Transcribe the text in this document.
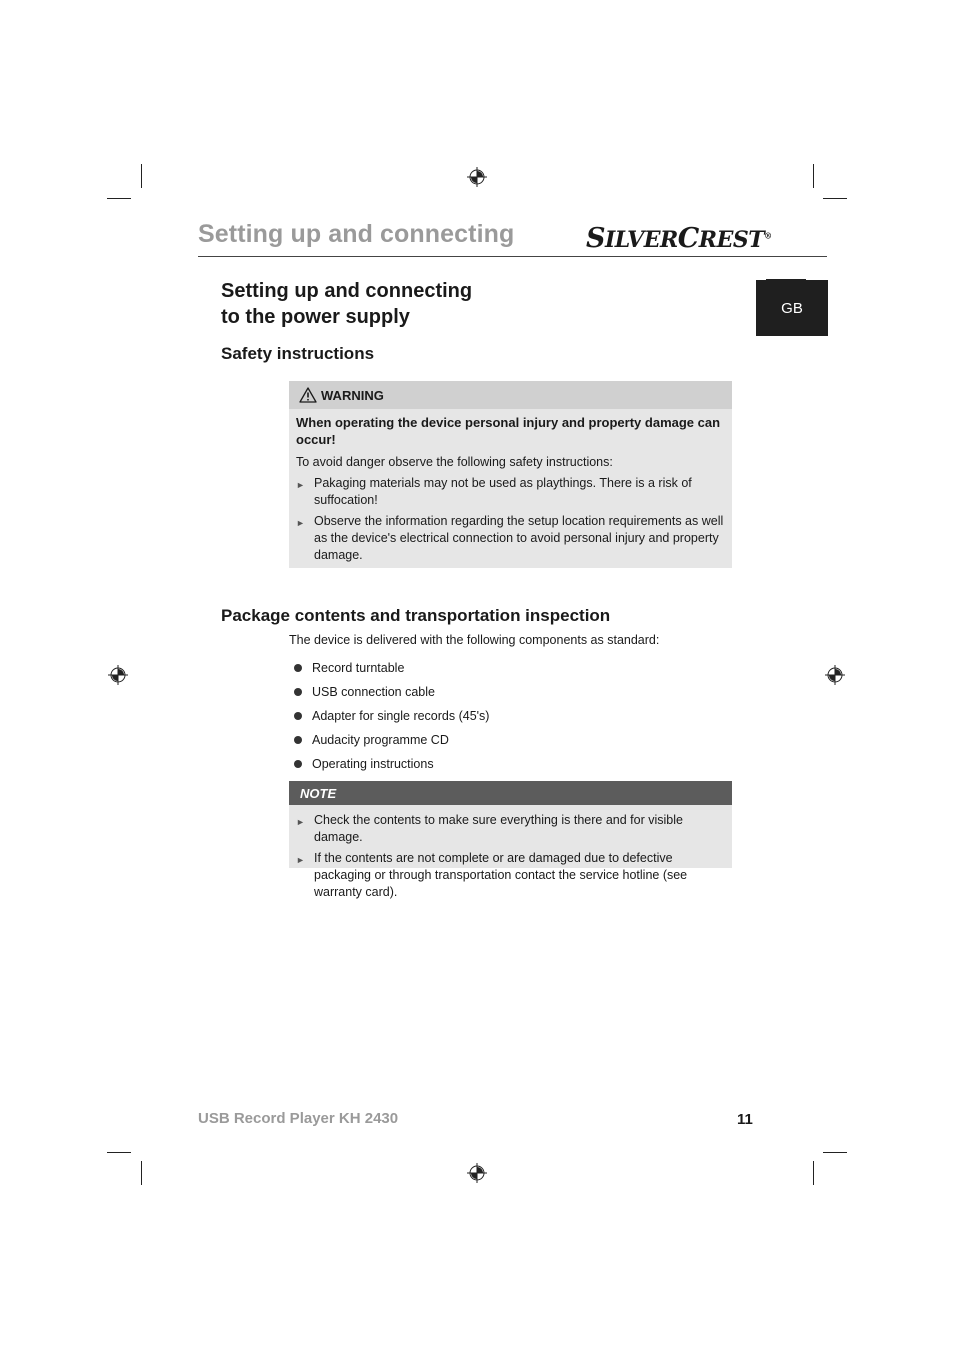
Setting up and connecting	SILVERCREST®
GB
Setting up and connecting
to the power supply
Safety instructions
WARNING
When operating the device personal injury and property damage can occur!
To avoid danger observe the following safety instructions:
► Pakaging materials may not be used as playthings. There is a risk of suffocation!
► Observe the information regarding the setup location requirements as well as the device's electrical connection to avoid personal injury and property damage.
Package contents and transportation inspection
The device is delivered with the following components as standard:
Record turntable
USB connection cable
Adapter for single records (45's)
Audacity programme CD
Operating instructions
NOTE
► Check the contents to make sure everything is there and for visible damage.
► If the contents are not complete or are damaged due to defective packaging or through transportation contact the service hotline (see warranty card).
USB Record Player KH 2430	11
